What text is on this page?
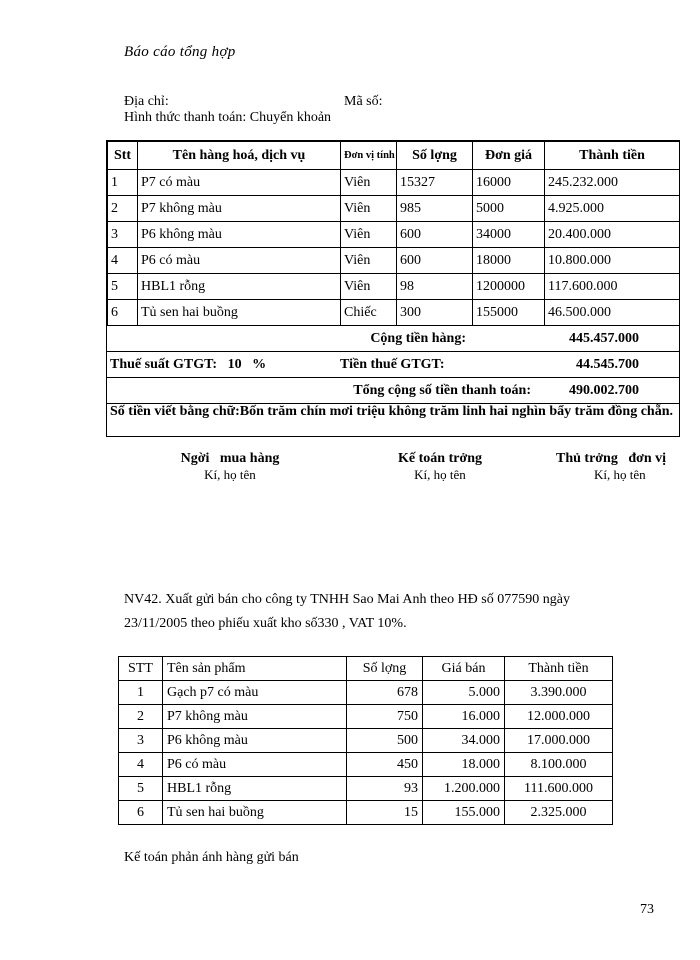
Báo cáo tổng hợp
Địa chỉ:	Mã số:
Hình thức thanh toán: Chuyển khoản
Stt	Tên hàng hoá, dịch vụ	Đơn vị tính	Số lợng	Đơn giá	Thành tiền
1	P7 có màu	Viên	15327	16000	245.232.000
2	P7 không màu	Viên	985	5000	4.925.000
3	P6 không màu	Viên	600	34000	20.400.000
4	P6 có màu	Viên	600	18000	10.800.000
5	HBL1 rỗng	Viên	98	1200000	117.600.000
6	Tủ sen hai buồng	Chiếc	300	155000	46.500.000
Cộng tiền hàng:	445.457.000
Thuế suất GTGT:   10   %	Tiền thuế GTGT:	44.545.700
Tổng cộng số tiền thanh toán:	490.002.700
Số tiền viết bằng chữ:Bốn trăm chín mơi triệu không trăm linh hai nghìn bẩy trăm đồng chẵn.
Ngời   mua hàng
Kí, họ tên
Kế toán trởng
Kí, họ tên
Thủ trởng   đơn vị
Kí, họ tên
NV42. Xuất gửi bán cho công ty TNHH Sao Mai Anh theo HĐ số 077590 ngày
23/11/2005 theo phiếu xuất kho số330 , VAT 10%.
STT	Tên sản phẩm	Số lợng	Giá bán	Thành tiền
1	Gạch p7 có màu	678	5.000	3.390.000
2	P7 không màu	750	16.000	12.000.000
3	P6 không màu	500	34.000	17.000.000
4	P6 có màu	450	18.000	8.100.000
5	HBL1 rỗng	93	1.200.000	111.600.000
6	Tủ sen hai buồng	15	155.000	2.325.000
Kế toán phản ánh hàng gửi bán
73
